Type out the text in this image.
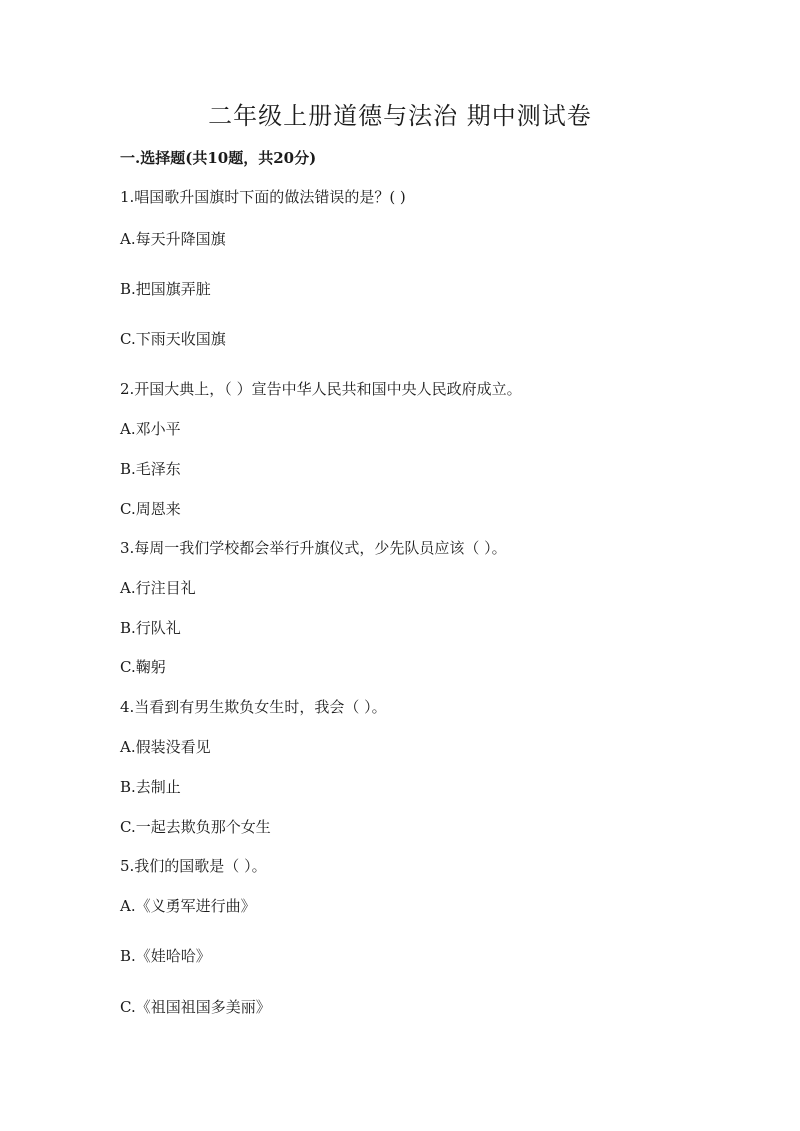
二年级上册道德与法治 期中测试卷

一.选择题(共10题，共20分)

1.唱国歌升国旗时下面的做法错误的是？( )

A.每天升降国旗

B.把国旗弄脏

C.下雨天收国旗

2.开国大典上，（ ）宣告中华人民共和国中央人民政府成立。

A.邓小平

B.毛泽东

C.周恩来

3.每周一我们学校都会举行升旗仪式，少先队员应该（ ）。

A.行注目礼

B.行队礼

C.鞠躬

4.当看到有男生欺负女生时，我会（ ）。

A.假装没看见

B.去制止

C.一起去欺负那个女生

5.我们的国歌是（ ）。

A.《义勇军进行曲》

B.《娃哈哈》

C.《祖国祖国多美丽》
